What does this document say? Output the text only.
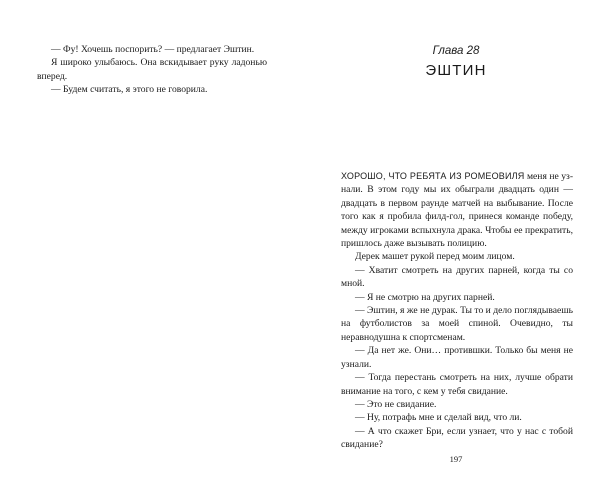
— Фу! Хочешь поспорить? — предлагает Эштин.

Я широко улыбаюсь. Она вскидывает руку ладонью вперед.

— Будем считать, я этого не говорила.

Глава 28
ЭШТИН

ХОРОШО, ЧТО РЕБЯТА ИЗ РОМЕОВИЛЯ меня не узнали. В этом году мы их обыграли двадцать один — двадцать в первом раунде матчей на выбывание. После того как я пробила филд-гол, принеся команде победу, между игроками вспыхнула драка. Чтобы ее прекратить, пришлось даже вызывать полицию.

Дерек машет рукой перед моим лицом.

— Хватит смотреть на других парней, когда ты со мной.

— Я не смотрю на других парней.

— Эштин, я же не дурак. Ты то и дело поглядываешь на футболистов за моей спиной. Очевидно, ты неравнодушна к спортсменам.

— Да нет же. Они… протившки. Только бы меня не узнали.

— Тогда перестань смотреть на них, лучше обрати внимание на того, с кем у тебя свидание.

— Это не свидание.

— Ну, потрафь мне и сделай вид, что ли.

— А что скажет Бри, если узнает, что у нас с тобой свидание?

197
